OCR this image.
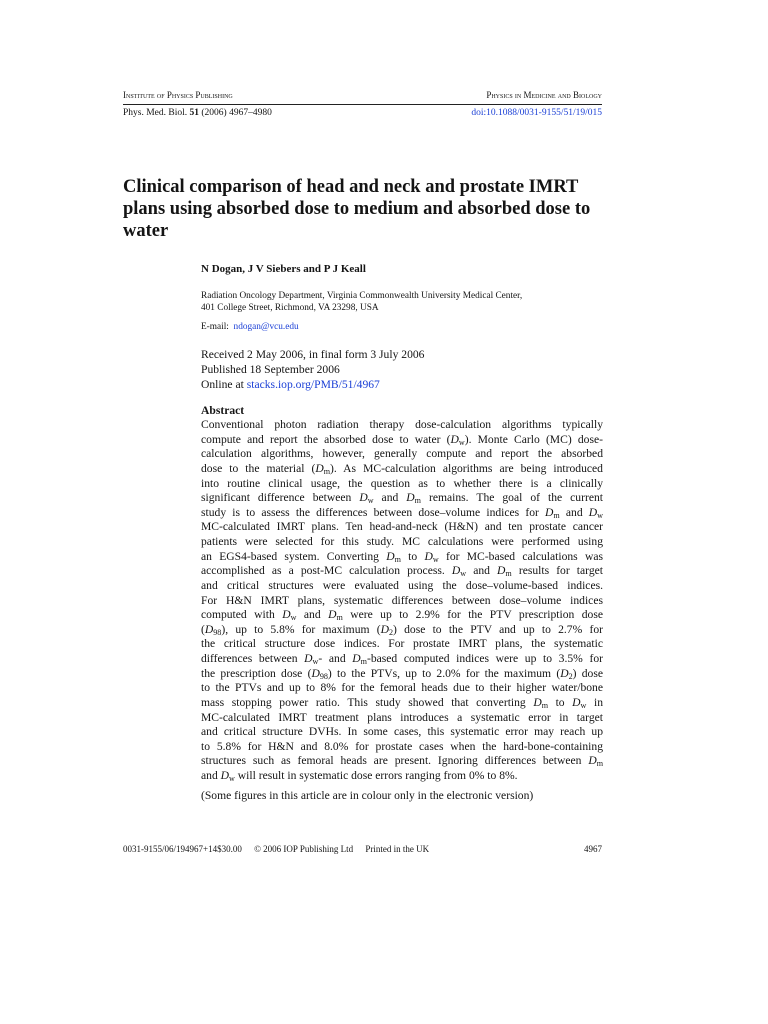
Institute of Physics Publishing	Physics in Medicine and Biology
Phys. Med. Biol. 51 (2006) 4967–4980	doi:10.1088/0031-9155/51/19/015
Clinical comparison of head and neck and prostate IMRT plans using absorbed dose to medium and absorbed dose to water
N Dogan, J V Siebers and P J Keall
Radiation Oncology Department, Virginia Commonwealth University Medical Center,
401 College Street, Richmond, VA 23298, USA
E-mail: ndogan@vcu.edu
Received 2 May 2006, in final form 3 July 2006
Published 18 September 2006
Online at stacks.iop.org/PMB/51/4967
Abstract

Conventional photon radiation therapy dose-calculation algorithms typically
compute and report the absorbed dose to water $(D_w)$. Monte Carlo (MC) dose-
calculation algorithms, however, generally compute and report the absorbed
dose to the material $(D_m)$. As MC-calculation algorithms are being introduced
into routine clinical usage, the question as to whether there is a clinically
significant difference between $D_w$ and $D_m$ remains. The goal of the current
study is to assess the differences between dose–volume indices for $D_m$ and $D_w$
MC-calculated IMRT plans. Ten head-and-neck (H&N) and ten prostate cancer
patients were selected for this study. MC calculations were performed using
an EGS4-based system. Converting $D_m$ to $D_w$ for MC-based calculations was
accomplished as a post-MC calculation process. $D_w$ and $D_m$ results for target
and critical structures were evaluated using the dose–volume-based indices.
For H&N IMRT plans, systematic differences between dose–volume indices
computed with $D_w$ and $D_m$ were up to 2.9% for the PTV prescription dose
$(D_{98})$, up to 5.8% for maximum $(D_2)$ dose to the PTV and up to 2.7% for
the critical structure dose indices. For prostate IMRT plans, the systematic
differences between $D_w-$ and $D_m$-based computed indices were up to 3.5% for
the prescription dose $(D_{98})$ to the PTVs, up to 2.0% for the maximum $(D_2)$ dose
to the PTVs and up to 8% for the femoral heads due to their higher water/bone
mass stopping power ratio. This study showed that converting $D_m$ to $D_w$ in
MC-calculated IMRT treatment plans introduces a systematic error in target
and critical structure DVHs. In some cases, this systematic error may reach up
to 5.8% for H&N and 8.0% for prostate cases when the hard-bone-containing
structures such as femoral heads are present. Ignoring differences between $D_m$
and $D_w$ will result in systematic dose errors ranging from 0% to 8%.

(Some figures in this article are in colour only in the electronic version)
0031-9155/06/194967+14$30.00 © 2006 IOP Publishing Ltd Printed in the UK	4967
